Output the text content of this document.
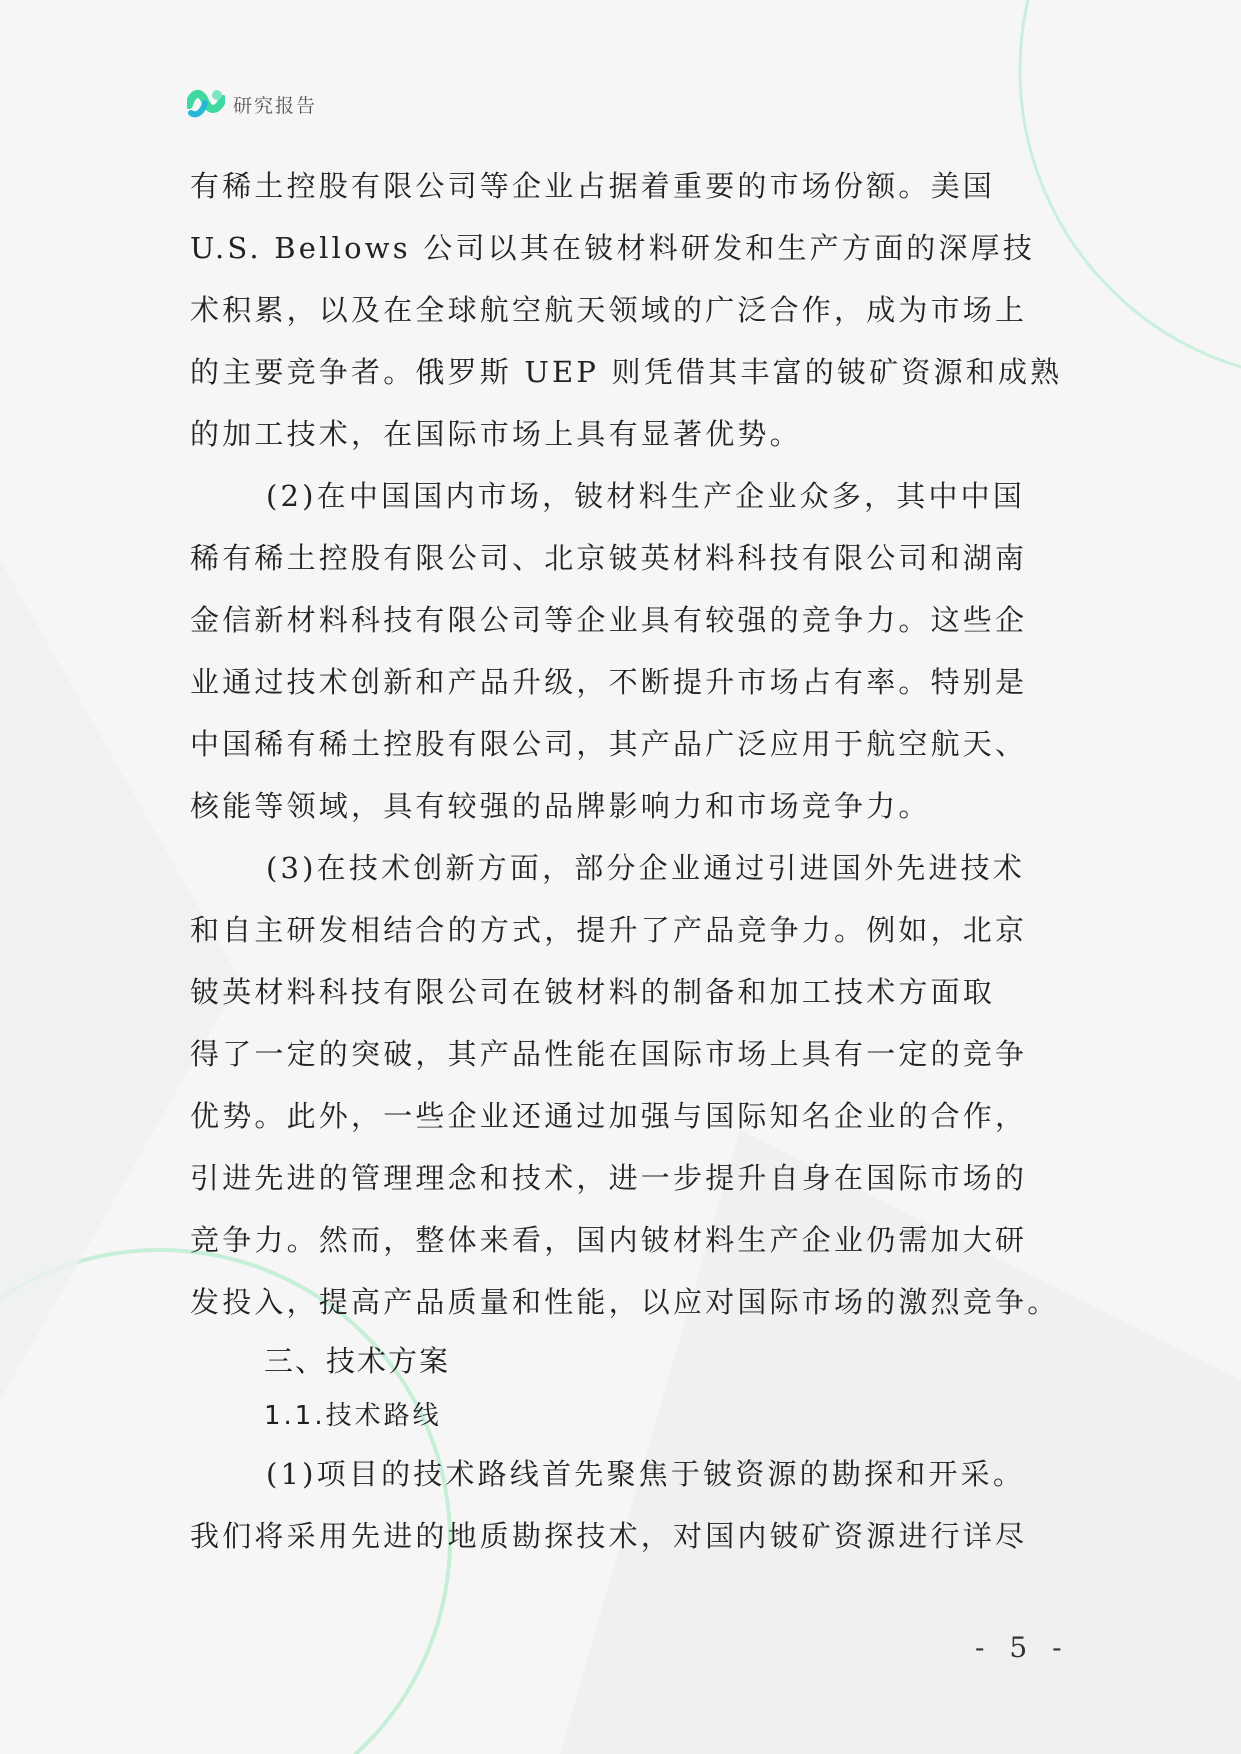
研究报告
有稀土控股有限公司等企业占据着重要的市场份额。美国
U.S. Bellows 公司以其在铍材料研发和生产方面的深厚技
术积累，以及在全球航空航天领域的广泛合作，成为市场上
的主要竞争者。俄罗斯 UEP 则凭借其丰富的铍矿资源和成熟
的加工技术，在国际市场上具有显著优势。
(2)在中国国内市场，铍材料生产企业众多，其中中国
稀有稀土控股有限公司、北京铍英材料科技有限公司和湖南
金信新材料科技有限公司等企业具有较强的竞争力。这些企
业通过技术创新和产品升级，不断提升市场占有率。特别是
中国稀有稀土控股有限公司，其产品广泛应用于航空航天、
核能等领域，具有较强的品牌影响力和市场竞争力。
(3)在技术创新方面，部分企业通过引进国外先进技术
和自主研发相结合的方式，提升了产品竞争力。例如，北京
铍英材料科技有限公司在铍材料的制备和加工技术方面取
得了一定的突破，其产品性能在国际市场上具有一定的竞争
优势。此外，一些企业还通过加强与国际知名企业的合作，
引进先进的管理理念和技术，进一步提升自身在国际市场的
竞争力。然而，整体来看，国内铍材料生产企业仍需加大研
发投入，提高产品质量和性能，以应对国际市场的激烈竞争。
三、技术方案
1.1.技术路线
(1)项目的技术路线首先聚焦于铍资源的勘探和开采。
我们将采用先进的地质勘探技术，对国内铍矿资源进行详尽
- 5 -
